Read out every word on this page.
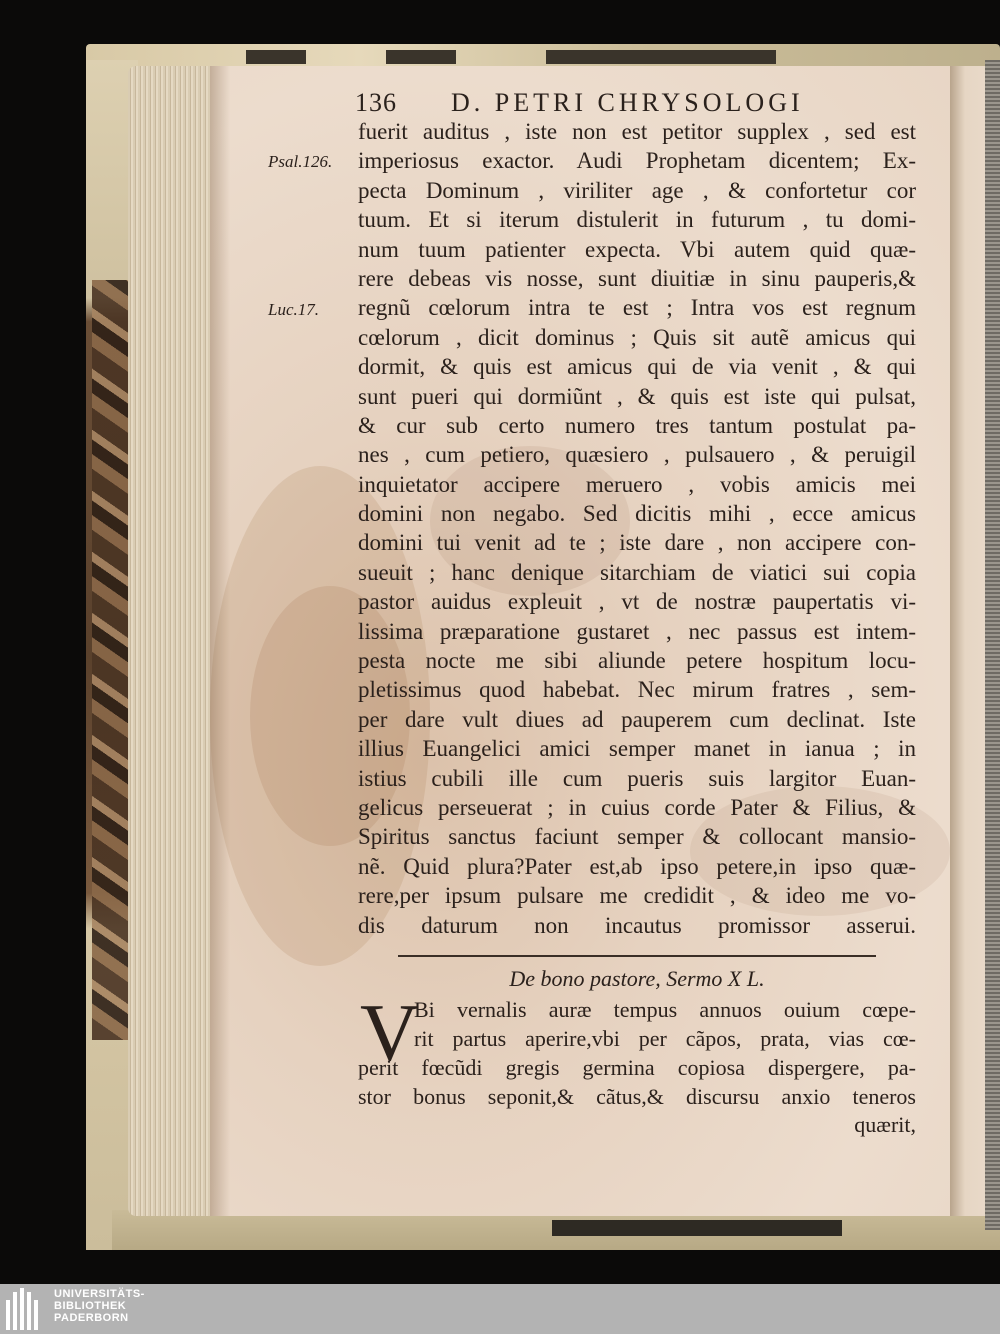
136 D. PETRI CHRYSOLOGI
Psal.126.
Luc.17.
fuerit auditus , iste non est petitor supplex , sed est
imperiosus exactor. Audi Prophetam dicentem; Ex-
pecta Dominum , viriliter age , & confortetur cor
tuum. Et si iterum distulerit in futurum , tu domi-
num tuum patienter expecta. Vbi autem quid quæ-
rere debeas vis nosse, sunt diuitiæ in sinu pauperis,&
regnũ cœlorum intra te est ; Intra vos est regnum
cœlorum , dicit dominus ; Quis sit autẽ amicus qui
dormit, & quis est amicus qui de via venit , & qui
sunt pueri qui dormiũnt , & quis est iste qui pulsat,
& cur sub certo numero tres tantum postulat pa-
nes , cum petiero, quæsiero , pulsauero , & peruigil
inquietator accipere meruero , vobis amicis mei
domini non negabo. Sed dicitis mihi , ecce amicus
domini tui venit ad te ; iste dare , non accipere con-
sueuit ; hanc denique sitarchiam de viatici sui copia
pastor auidus expleuit , vt de nostræ paupertatis vi-
lissima præparatione gustaret , nec passus est intem-
pesta nocte me sibi aliunde petere hospitum locu-
pletissimus quod habebat. Nec mirum fratres , sem-
per dare vult diues ad pauperem cum declinat. Iste
illius Euangelici amici semper manet in ianua ; in
istius cubili ille cum pueris suis largitor Euan-
gelicus perseuerat ; in cuius corde Pater & Filius, &
Spiritus sanctus faciunt semper & collocant mansio-
nẽ. Quid plura?Pater est,ab ipso petere,in ipso quæ-
rere,per ipsum pulsare me credidit , & ideo me vo-
dis daturum non incautus promissor asserui.
De bono pastore, Sermo X L.
V
Bi vernalis auræ tempus annuos ouium cœpe-
rit partus aperire,vbi per cãpos, prata, vias cœ-
perit fœcũdi gregis germina copiosa dispergere, pa-
stor bonus seponit,& cãtus,& discursu anxio teneros
quærit,
UNIVERSITÄTS-
BIBLIOTHEK
PADERBORN
